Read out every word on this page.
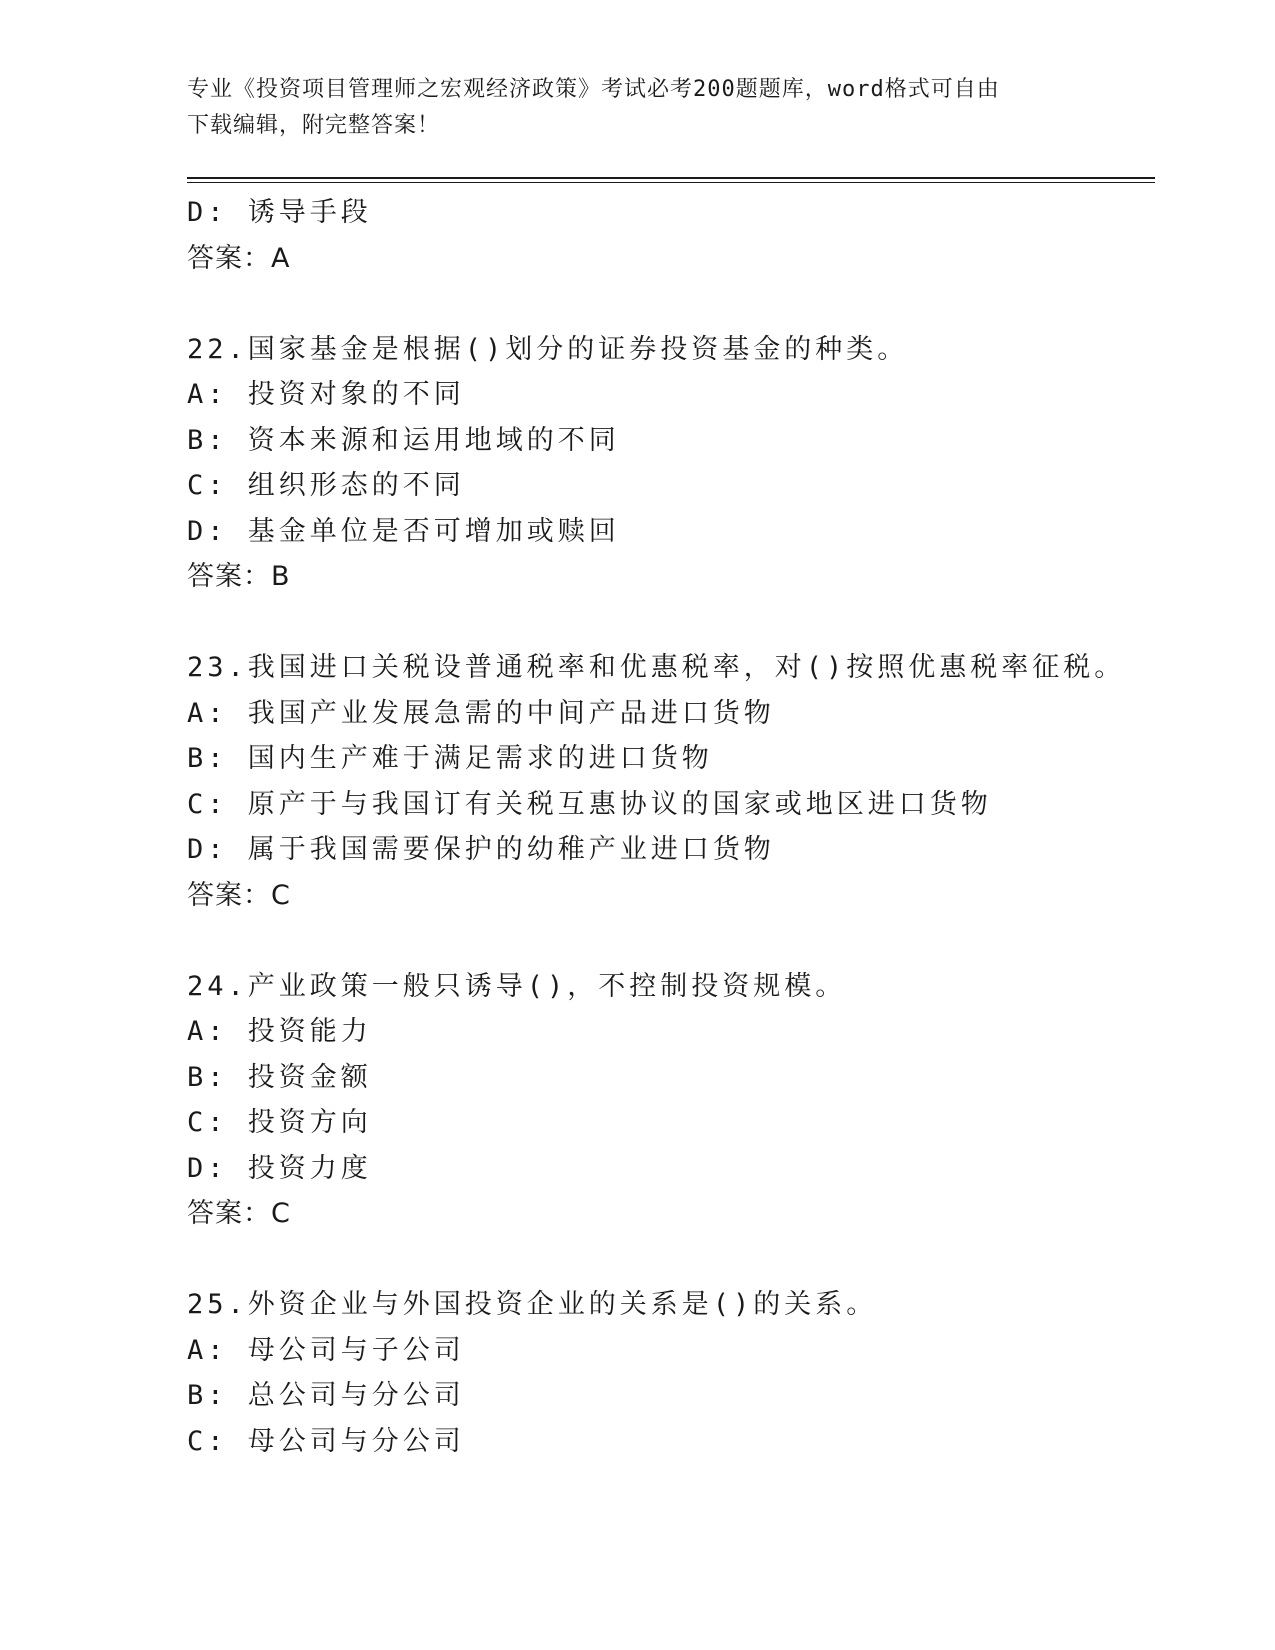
专业《投资项目管理师之宏观经济政策》考试必考200题题库，word格式可自由
下载编辑，附完整答案！
D: 诱导手段
答案：A
22.国家基金是根据()划分的证券投资基金的种类。
A: 投资对象的不同
B: 资本来源和运用地域的不同
C: 组织形态的不同
D: 基金单位是否可增加或赎回
答案：B
23.我国进口关税设普通税率和优惠税率，对()按照优惠税率征税。
A: 我国产业发展急需的中间产品进口货物
B: 国内生产难于满足需求的进口货物
C: 原产于与我国订有关税互惠协议的国家或地区进口货物
D: 属于我国需要保护的幼稚产业进口货物
答案：C
24.产业政策一般只诱导()，不控制投资规模。
A: 投资能力
B: 投资金额
C: 投资方向
D: 投资力度
答案：C
25.外资企业与外国投资企业的关系是()的关系。
A: 母公司与子公司
B: 总公司与分公司
C: 母公司与分公司
